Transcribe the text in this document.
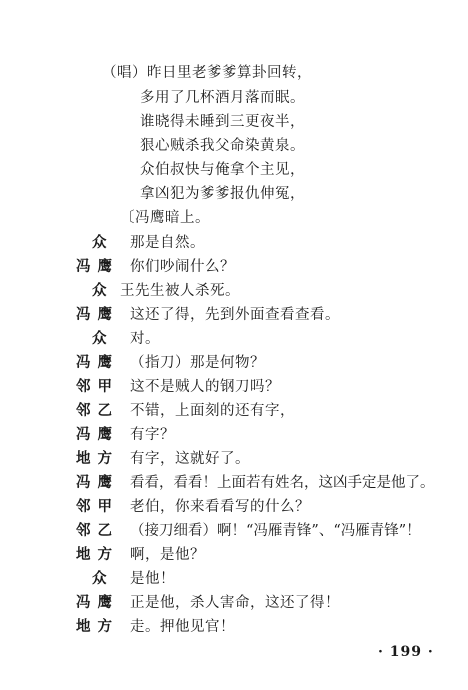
（唱）昨日里老爹爹算卦回转，
多用了几杯酒月落而眠。
谁晓得未睡到三更夜半，
狠心贼杀我父命染黄泉。
众伯叔快与俺拿个主见，
拿凶犯为爹爹报仇伸冤，
〔冯鹰暗上。
众 那是自然。
冯 鹰 你们吵闹什么？
众 王先生被人杀死。
冯 鹰 这还了得，先到外面查看查看。
众 对。
冯 鹰 （指刀）那是何物？
邻 甲 这不是贼人的钢刀吗？
邻 乙 不错，上面刻的还有字，
冯 鹰 有字？
地 方 有字，这就好了。
冯 鹰 看看，看看！上面若有姓名，这凶手定是他了。
邻 甲 老伯，你来看看写的什么？
邻 乙 （接刀细看）啊！“冯雁青锋”、“冯雁青锋”！
地 方 啊，是他？
众 是他！
冯 鹰 正是他，杀人害命，这还了得！
地 方 走。押他见官！
· 199 ·
